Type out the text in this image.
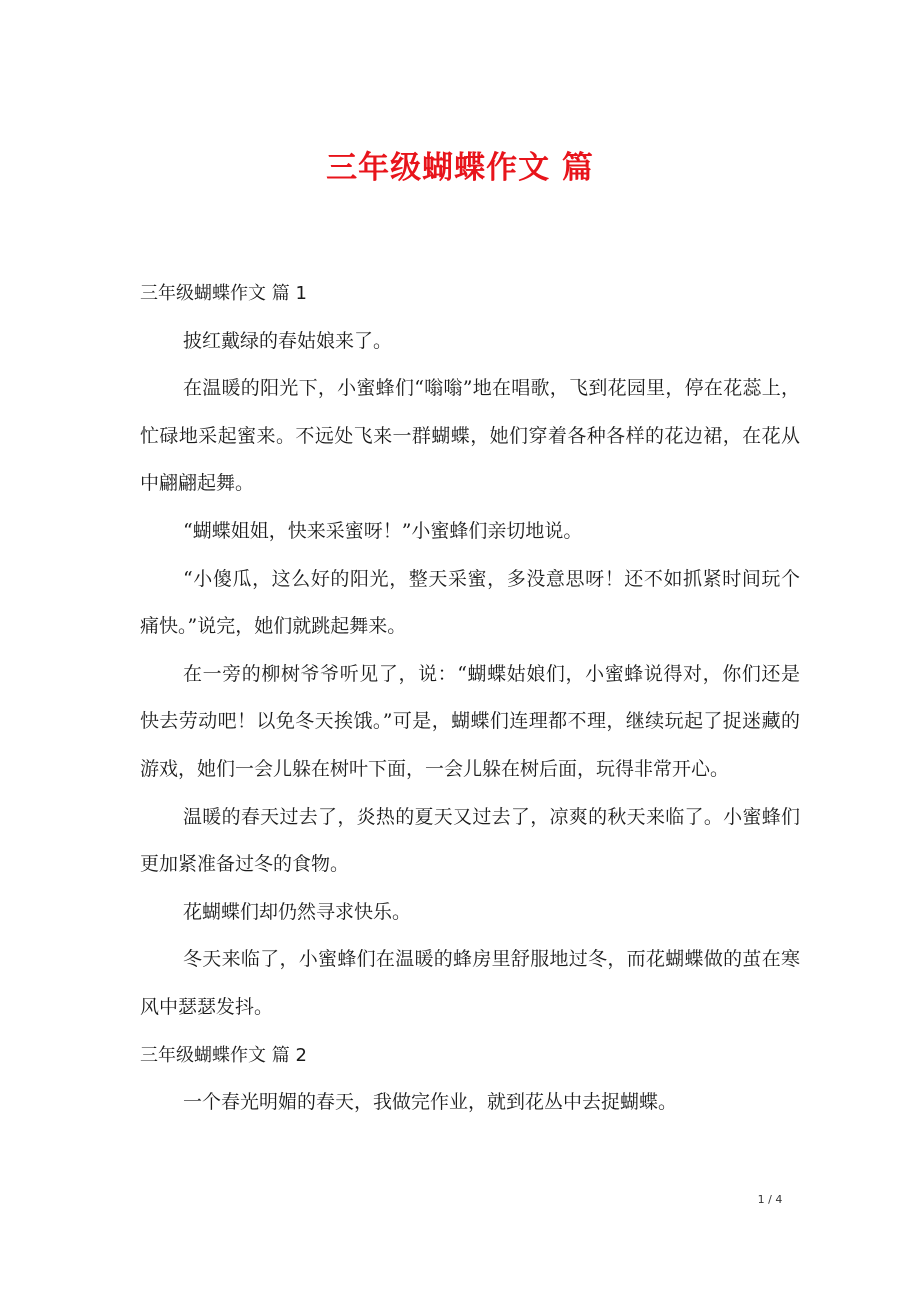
三年级蝴蝶作文 篇

三年级蝴蝶作文 篇 1

披红戴绿的春姑娘来了。

在温暖的阳光下，小蜜蜂们“嗡嗡”地在唱歌，飞到花园里，停在花蕊上，忙碌地采起蜜来。不远处飞来一群蝴蝶，她们穿着各种各样的花边裙，在花从中翩翩起舞。

“蝴蝶姐姐，快来采蜜呀！”小蜜蜂们亲切地说。

“小傻瓜，这么好的阳光，整天采蜜，多没意思呀！还不如抓紧时间玩个痛快。”说完，她们就跳起舞来。

在一旁的柳树爷爷听见了，说：“蝴蝶姑娘们，小蜜蜂说得对，你们还是快去劳动吧！以免冬天挨饿。”可是，蝴蝶们连理都不理，继续玩起了捉迷藏的游戏，她们一会儿躲在树叶下面，一会儿躲在树后面，玩得非常开心。

温暖的春天过去了，炎热的夏天又过去了，凉爽的秋天来临了。小蜜蜂们更加紧准备过冬的食物。

花蝴蝶们却仍然寻求快乐。

冬天来临了，小蜜蜂们在温暖的蜂房里舒服地过冬，而花蝴蝶做的茧在寒风中瑟瑟发抖。

三年级蝴蝶作文 篇 2

一个春光明媚的春天，我做完作业，就到花丛中去捉蝴蝶。

1 / 4
